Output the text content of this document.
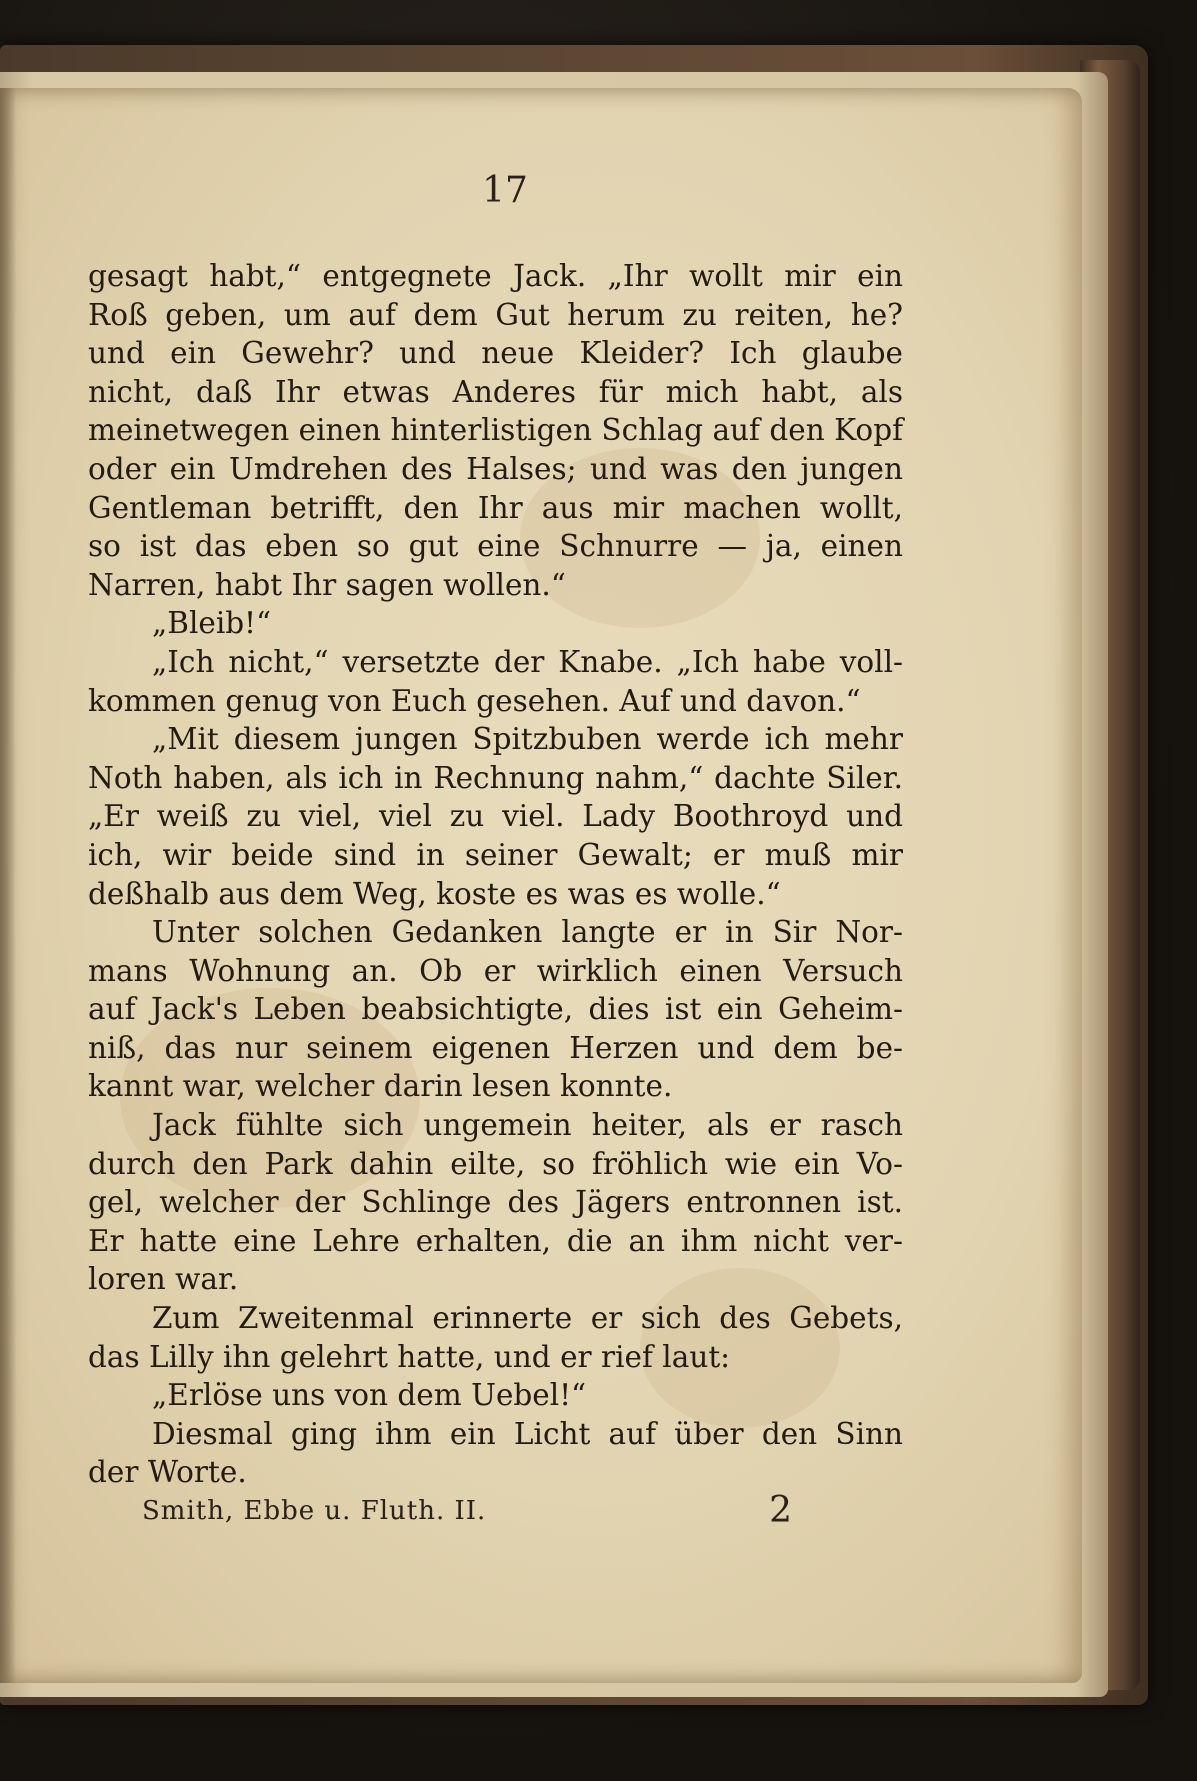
17
gesagt habt,“ entgegnete Jack. „Ihr wollt mir ein
Roß geben, um auf dem Gut herum zu reiten, he?
und ein Gewehr? und neue Kleider? Ich glaube
nicht, daß Ihr etwas Anderes für mich habt, als
meinetwegen einen hinterlistigen Schlag auf den Kopf
oder ein Umdrehen des Halses; und was den jungen
Gentleman betrifft, den Ihr aus mir machen wollt,
so ist das eben so gut eine Schnurre — ja, einen
Narren, habt Ihr sagen wollen.“
„Bleib!“
„Ich nicht,“ versetzte der Knabe. „Ich habe voll-
kommen genug von Euch gesehen. Auf und davon.“
„Mit diesem jungen Spitzbuben werde ich mehr
Noth haben, als ich in Rechnung nahm,“ dachte Siler.
„Er weiß zu viel, viel zu viel. Lady Boothroyd und
ich, wir beide sind in seiner Gewalt; er muß mir
deßhalb aus dem Weg, koste es was es wolle.“
Unter solchen Gedanken langte er in Sir Nor-
mans Wohnung an. Ob er wirklich einen Versuch
auf Jack's Leben beabsichtigte, dies ist ein Geheim-
niß, das nur seinem eigenen Herzen und dem be-
kannt war, welcher darin lesen konnte.
Jack fühlte sich ungemein heiter, als er rasch
durch den Park dahin eilte, so fröhlich wie ein Vo-
gel, welcher der Schlinge des Jägers entronnen ist.
Er hatte eine Lehre erhalten, die an ihm nicht ver-
loren war.
Zum Zweitenmal erinnerte er sich des Gebets,
das Lilly ihn gelehrt hatte, und er rief laut:
„Erlöse uns von dem Uebel!“
Diesmal ging ihm ein Licht auf über den Sinn
der Worte.
Smith, Ebbe u. Fluth. II.	2
